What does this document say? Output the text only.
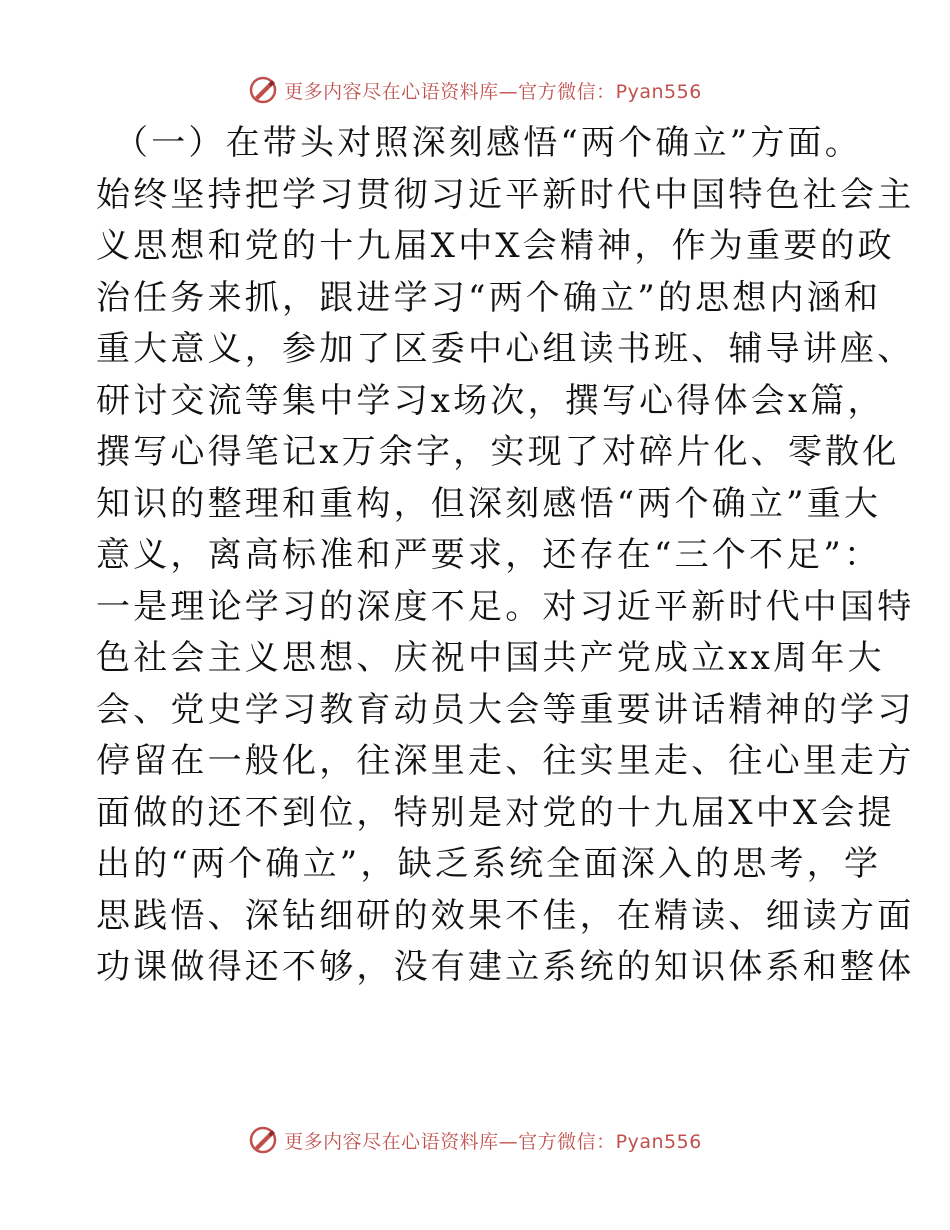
更多内容尽在心语资料库—官方微信：Pyan556
（一）在带头对照深刻感悟“两个确立”方面。
始终坚持把学习贯彻习近平新时代中国特色社会主
义思想和党的十九届X中X会精神，作为重要的政
治任务来抓，跟进学习“两个确立”的思想内涵和
重大意义，参加了区委中心组读书班、辅导讲座、
研讨交流等集中学习x场次，撰写心得体会x篇，
撰写心得笔记x万余字，实现了对碎片化、零散化
知识的整理和重构，但深刻感悟“两个确立”重大
意义，离高标准和严要求，还存在“三个不足”：
一是理论学习的深度不足。对习近平新时代中国特
色社会主义思想、庆祝中国共产党成立xx周年大
会、党史学习教育动员大会等重要讲话精神的学习
停留在一般化，往深里走、往实里走、往心里走方
面做的还不到位，特别是对党的十九届X中X会提
出的“两个确立”，缺乏系统全面深入的思考，学
思践悟、深钻细研的效果不佳，在精读、细读方面
功课做得还不够，没有建立系统的知识体系和整体
更多内容尽在心语资料库—官方微信：Pyan556
